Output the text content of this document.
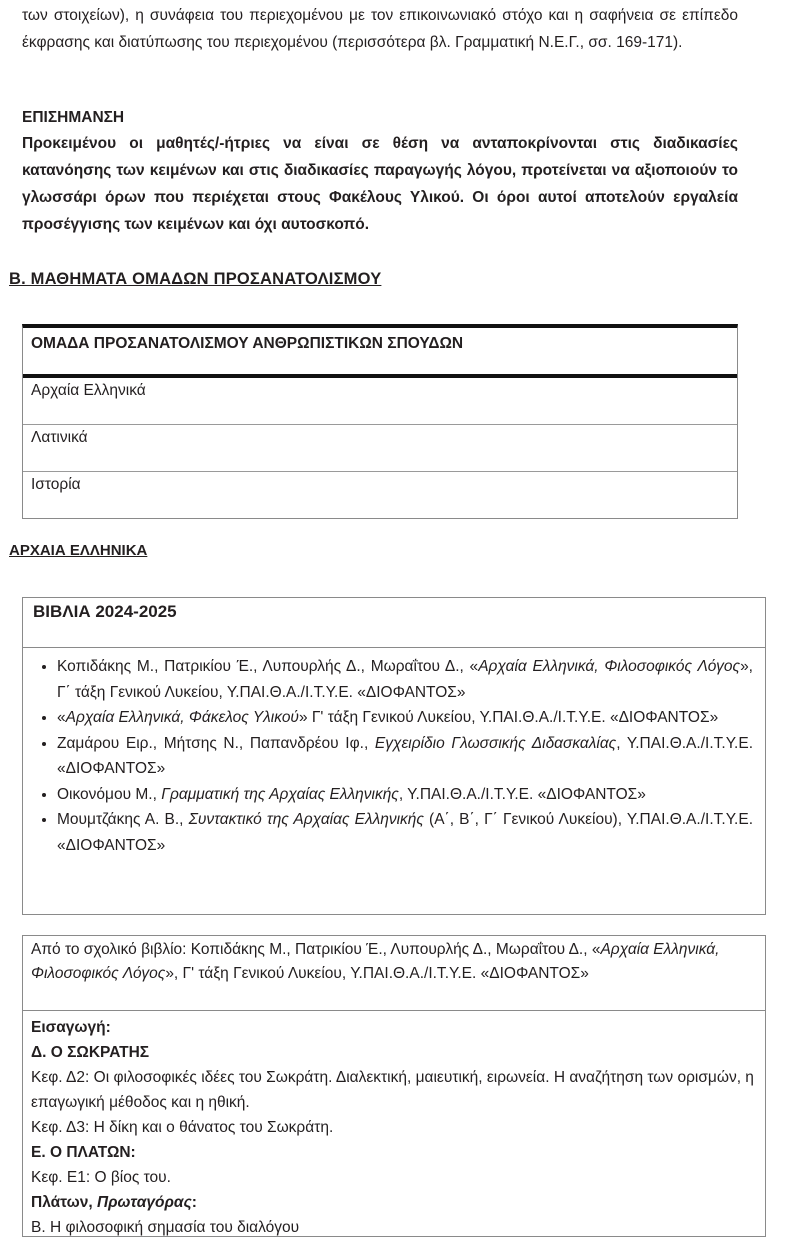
των στοιχείων), η συνάφεια του περιεχομένου με τον επικοινωνιακό στόχο και η σαφήνεια σε επίπεδο έκφρασης και διατύπωσης του περιεχομένου (περισσότερα βλ. Γραμματική Ν.Ε.Γ., σσ. 169-171).
ΕΠΙΣΗΜΑΝΣΗ
Προκειμένου οι μαθητές/-ήτριες να είναι σε θέση να ανταποκρίνονται στις διαδικασίες κατανόησης των κειμένων και στις διαδικασίες παραγωγής λόγου, προτείνεται να αξιοποιούν το γλωσσάρι όρων που περιέχεται στους Φακέλους Υλικού. Οι όροι αυτοί αποτελούν εργαλεία προσέγγισης των κειμένων και όχι αυτοσκοπό.
Β. ΜΑΘΗΜΑΤΑ ΟΜΑΔΩΝ ΠΡΟΣΑΝΑΤΟΛΙΣΜΟΥ
ΟΜΑΔΑ ΠΡΟΣΑΝΑΤΟΛΙΣΜΟΥ ΑΝΘΡΩΠΙΣΤΙΚΩΝ ΣΠΟΥΔΩΝ
Αρχαία Ελληνικά
Λατινικά
Ιστορία
ΑΡΧΑΙΑ ΕΛΛΗΝΙΚΑ
ΒΙΒΛΙΑ 2024-2025
• Κοπιδάκης Μ., Πατρικίου Έ., Λυπουρλής Δ., Μωραΐτου Δ., «Αρχαία Ελληνικά, Φιλοσοφικός Λόγος», Γ΄ τάξη Γενικού Λυκείου, Υ.ΠΑΙ.Θ.Α./Ι.Τ.Υ.Ε. «ΔΙΟΦΑΝΤΟΣ»
• «Αρχαία Ελληνικά, Φάκελος Υλικού» Γ' τάξη Γενικού Λυκείου, Υ.ΠΑΙ.Θ.Α./Ι.Τ.Υ.Ε. «ΔΙΟΦΑΝΤΟΣ»
• Ζαμάρου Ειρ., Μήτσης Ν., Παπανδρέου Ιφ., Εγχειρίδιο Γλωσσικής Διδασκαλίας, Υ.ΠΑΙ.Θ.Α./Ι.Τ.Υ.Ε. «ΔΙΟΦΑΝΤΟΣ»
• Οικονόμου Μ., Γραμματική της Αρχαίας Ελληνικής, Υ.ΠΑΙ.Θ.Α./Ι.Τ.Υ.Ε. «ΔΙΟΦΑΝΤΟΣ»
• Μουμτζάκης Α. Β., Συντακτικό της Αρχαίας Ελληνικής (Α΄, Β΄, Γ΄ Γενικού Λυκείου), Υ.ΠΑΙ.Θ.Α./Ι.Τ.Υ.Ε. «ΔΙΟΦΑΝΤΟΣ»
Από το σχολικό βιβλίο: Κοπιδάκης Μ., Πατρικίου Έ., Λυπουρλής Δ., Μωραΐτου Δ., «Αρχαία Ελληνικά, Φιλοσοφικός Λόγος», Γ' τάξη Γενικού Λυκείου, Υ.ΠΑΙ.Θ.Α./Ι.Τ.Υ.Ε. «ΔΙΟΦΑΝΤΟΣ»
Εισαγωγή:
Δ. Ο ΣΩΚΡΑΤΗΣ
Κεφ. Δ2: Οι φιλοσοφικές ιδέες του Σωκράτη. Διαλεκτική, μαιευτική, ειρωνεία. Η αναζήτηση των ορισμών, η επαγωγική μέθοδος και η ηθική.
Κεφ. Δ3: Η δίκη και ο θάνατος του Σωκράτη.
Ε. Ο ΠΛΑΤΩΝ:
Κεφ. Ε1: Ο βίος του.
Πλάτων, Πρωταγόρας:
Β. Η φιλοσοφική σημασία του διαλόγου
